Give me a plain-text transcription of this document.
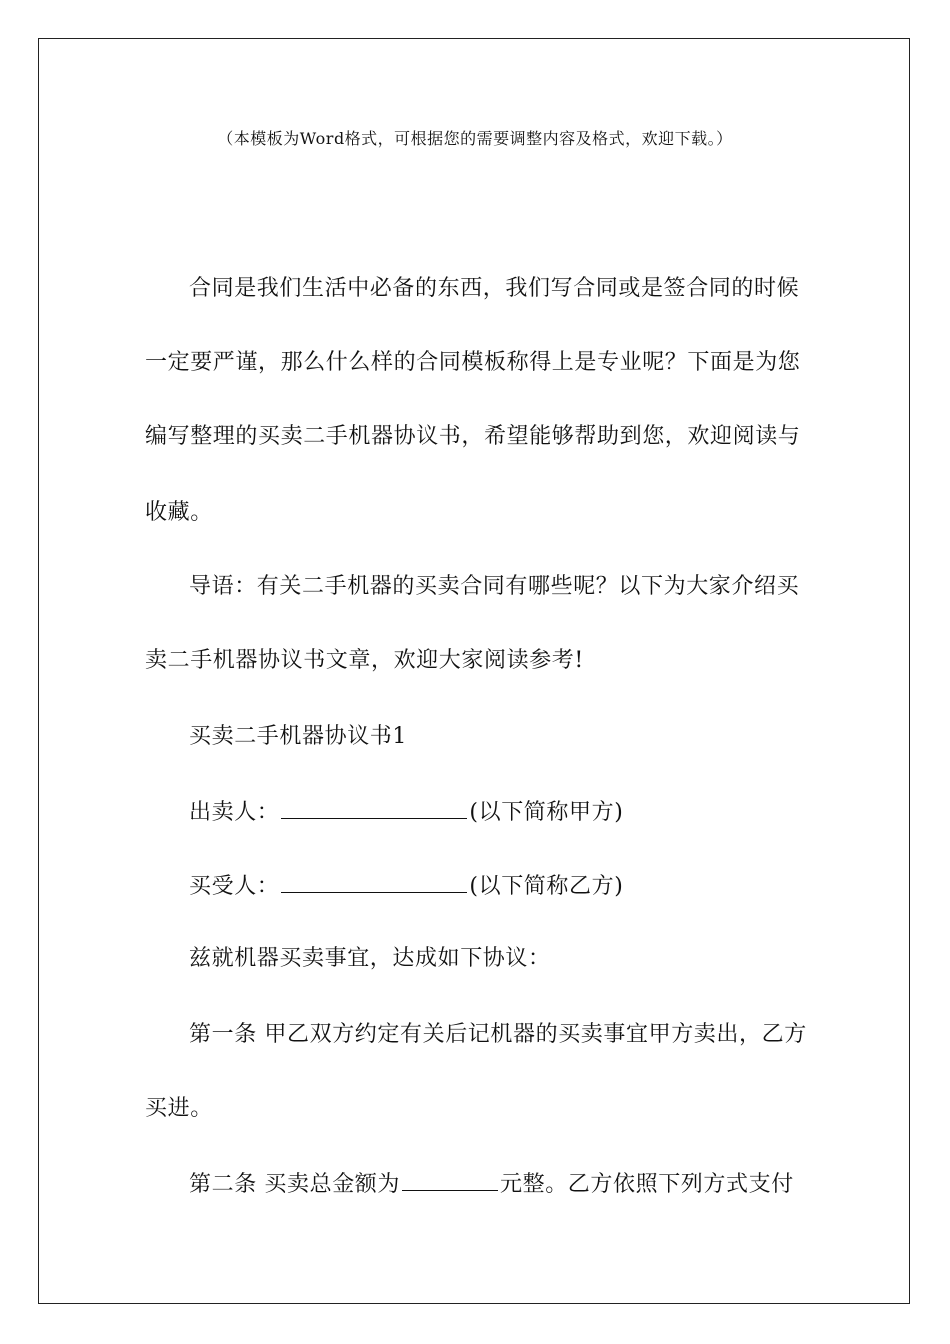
（本模板为Word格式，可根据您的需要调整内容及格式，欢迎下载。）
合同是我们生活中必备的东西，我们写合同或是签合同的时候
一定要严谨，那么什么样的合同模板称得上是专业呢？下面是为您
编写整理的买卖二手机器协议书，希望能够帮助到您，欢迎阅读与
收藏。
导语：有关二手机器的买卖合同有哪些呢？以下为大家介绍买
卖二手机器协议书文章，欢迎大家阅读参考!
买卖二手机器协议书1
出卖人：	(以下简称甲方)
买受人：	(以下简称乙方)
兹就机器买卖事宜，达成如下协议：
第一条 甲乙双方约定有关后记机器的买卖事宜甲方卖出，乙方
买进。
第二条 买卖总金额为	元整。乙方依照下列方式支付
